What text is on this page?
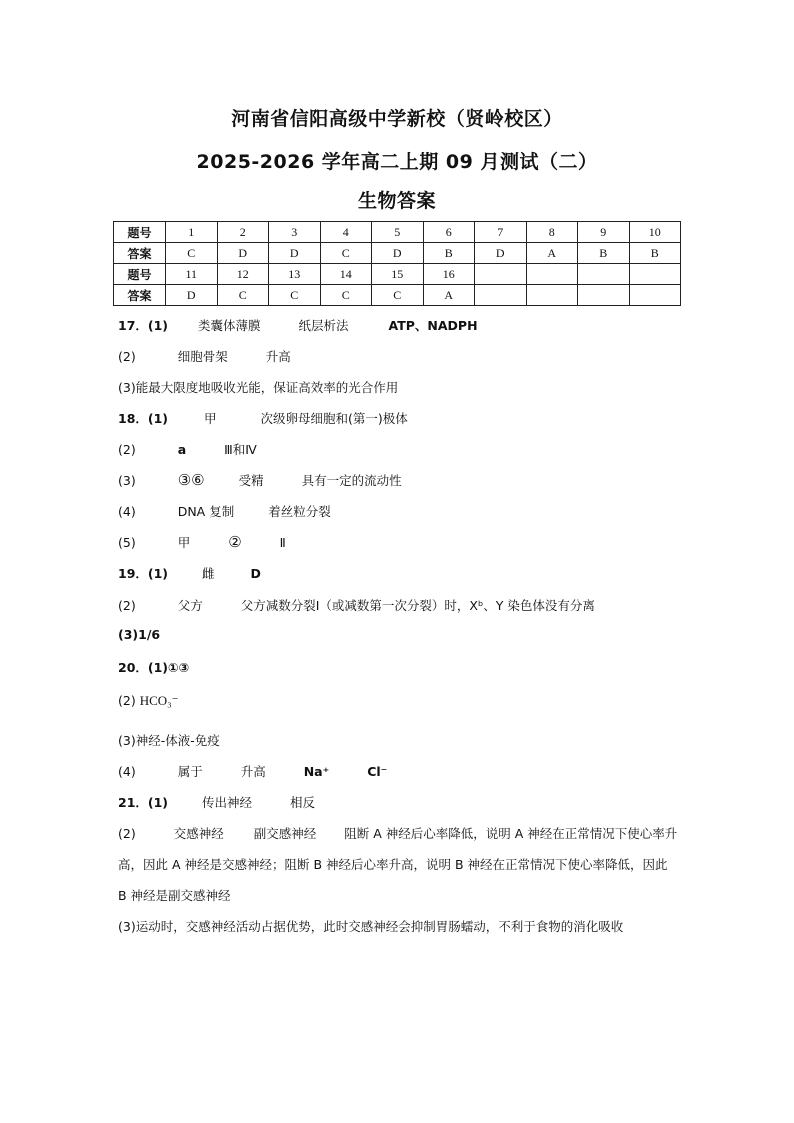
河南省信阳高级中学新校（贤岭校区）
2025-2026 学年高二上期 09 月测试（二）
生物答案
题号	1	2	3	4	5	6	7	8	9	10
答案	C	D	D	C	D	B	D	A	B	B
题号	11	12	13	14	15	16				
答案	D	C	C	C	C	A				
17．(1) 类囊体薄膜	纸层析法	ATP、NADPH
(2)	细胞骨架	升高
(3)能最大限度地吸收光能，保证高效率的光合作用
18．(1)	甲	次级卵母细胞和(第一)极体
(2)	a	Ⅲ和Ⅳ
(3)	③⑥	受精	具有一定的流动性
(4)	DNA 复制	着丝粒分裂
(5)	甲	②	Ⅱ
19．(1)	雌	D
(2)	父方	父方减数分裂Ⅰ（或减数第一次分裂）时，Xᵇ、Y 染色体没有分离
(3)1/6
20．(1)①③
(2) HCO₃⁻
(3)神经-体液-免疫
(4)	属于	升高	Na⁺	Cl⁻
21．(1)	传出神经	相反
(2)	交感神经 副交感神经 阻断 A 神经后心率降低，说明 A 神经在正常情况下使心率升高，因此 A 神经是交感神经；阻断 B 神经后心率升高，说明 B 神经在正常情况下使心率降低，因此 B 神经是副交感神经
(3)运动时，交感神经活动占据优势，此时交感神经会抑制胃肠蠕动，不利于食物的消化吸收
